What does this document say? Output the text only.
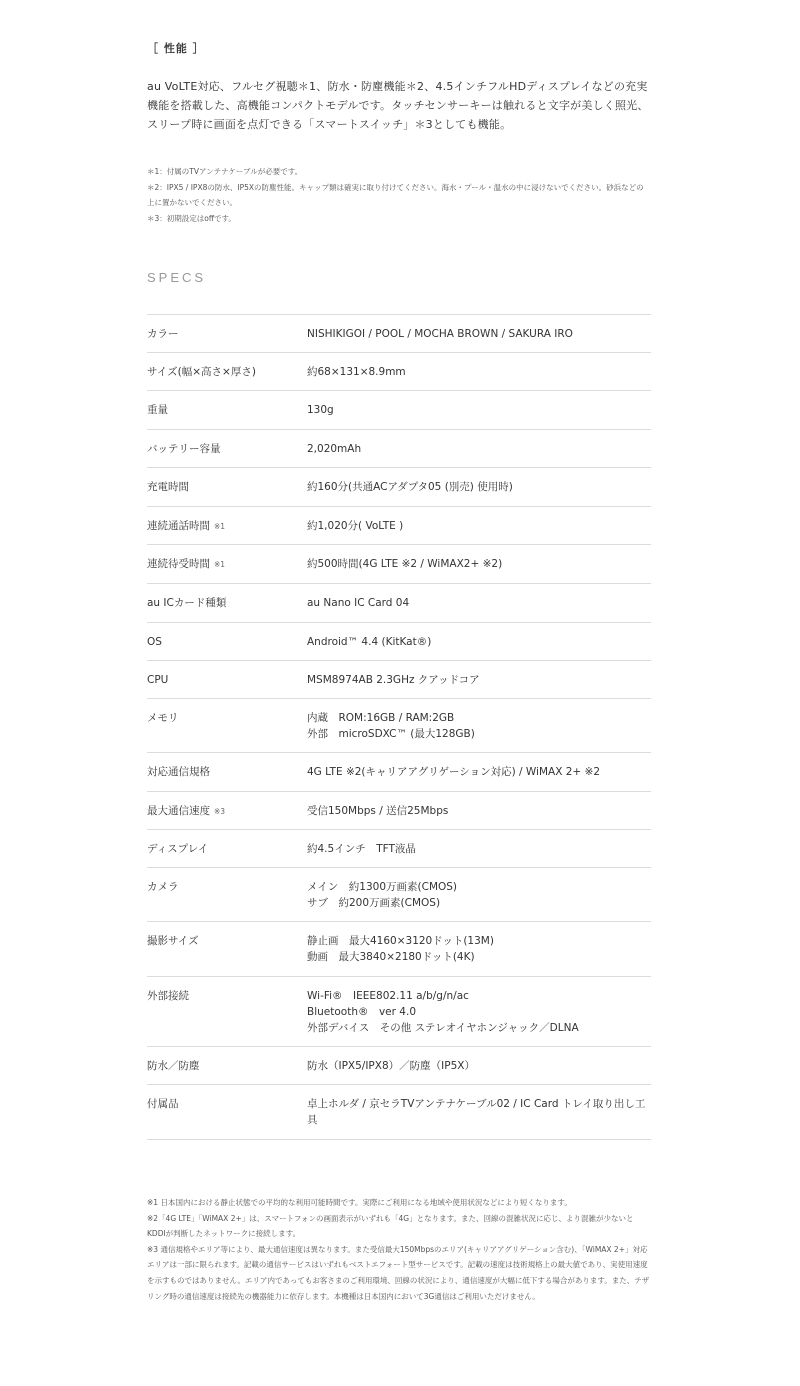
［ 性能 ］

au VoLTE対応、フルセグ視聴＊1、防水・防塵機能＊2、4.5インチフルHDディスプレイなどの充実機能を搭載した、高機能コンパクトモデルです。タッチセンサーキーは触れると文字が美しく照光、スリープ時に画面を点灯できる「スマートスイッチ」＊3としても機能。

＊1：付属のTVアンテナケーブルが必要です。

＊2：IPX5 / IPX8の防水、IP5Xの防塵性能。キャップ類は確実に取り付けてください。海水・プール・温水の中に浸けないでください。砂浜などの上に置かないでください。

＊3：初期設定はoffです。

SPECS
カラー	NISHIKIGOI / POOL / MOCHA BROWN / SAKURA IRO
サイズ(幅×高さ×厚さ)	約68×131×8.9mm
重量	130g
バッテリー容量	2,020mAh
充電時間	約160分(共通ACアダプタ05 (別売) 使用時)
連続通話時間 ※1	約1,020分( VoLTE )
連続待受時間 ※1	約500時間(4G LTE ※2 / WiMAX2+ ※2)
au ICカード種類	au Nano IC Card 04
OS	Android™ 4.4 (KitKat®)
CPU	MSM8974AB 2.3GHz クアッドコア
メモリ	内蔵　ROM:16GB / RAM:2GB
外部　microSDXC™ (最大128GB)
対応通信規格	4G LTE ※2(キャリアアグリゲーション対応) / WiMAX 2+ ※2
最大通信速度 ※3	受信150Mbps / 送信25Mbps
ディスプレイ	約4.5インチ　TFT液晶
カメラ	メイン　約1300万画素(CMOS)
サブ　約200万画素(CMOS)
撮影サイズ	静止画　最大4160×3120ドット(13M)
動画　最大3840×2180ドット(4K)
外部接続	Wi-Fi®　IEEE802.11 a/b/g/n/ac
Bluetooth®　ver 4.0
外部デバイス　その他 ステレオイヤホンジャック／DLNA
防水／防塵	防水（IPX5/IPX8）／防塵（IP5X）
付属品	卓上ホルダ / 京セラTVアンテナケーブル02 / IC Card トレイ取り出し工具

※1 日本国内における静止状態での平均的な利用可能時間です。実際にご利用になる地域や使用状況などにより短くなります。

※2「4G LTE」「WiMAX 2+」は、スマートフォンの画面表示がいずれも「4G」となります。また、回線の混雑状況に応じ、より混雑が少ないとKDDIが判断したネットワークに接続します。

※3 通信規格やエリア等により、最大通信速度は異なります。また受信最大150Mbpsのエリア(キャリアアグリゲーション含む)、「WiMAX 2+」対応エリアは一部に限られます。記載の通信サービスはいずれもベストエフォート型サービスです。記載の速度は技術規格上の最大値であり、実使用速度を示すものではありません。エリア内であってもお客さまのご利用環境、回線の状況により、通信速度が大幅に低下する場合があります。また、テザリング時の通信速度は接続先の機器能力に依存します。本機種は日本国内において3G通信はご利用いただけません。
